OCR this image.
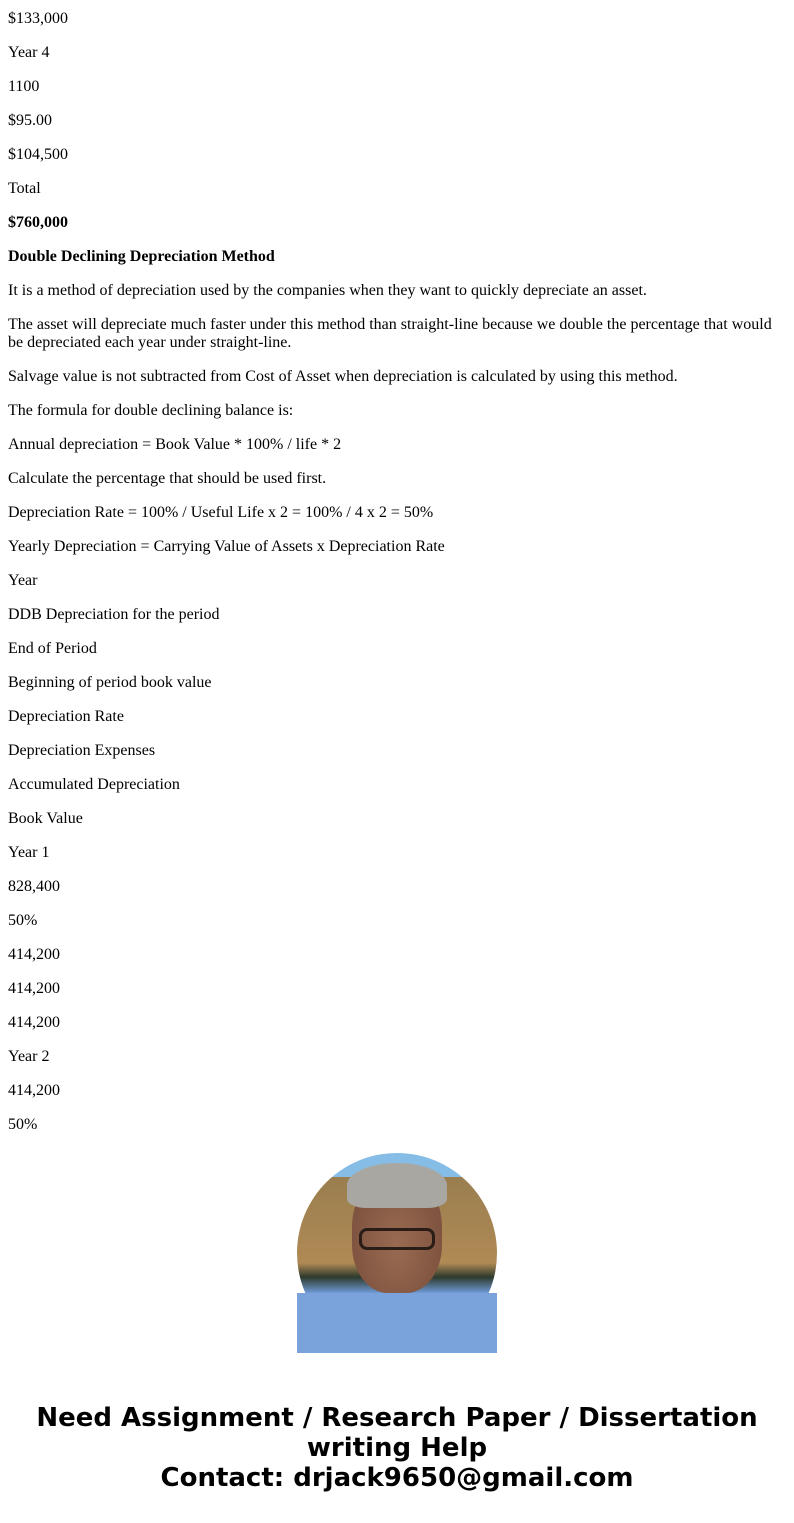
$133,000

Year 4

1100

$95.00

$104,500

Total

$760,000

Double Declining Depreciation Method

It is a method of depreciation used by the companies when they want to quickly depreciate an asset.

The asset will depreciate much faster under this method than straight-line because we double the percentage that would be depreciated each year under straight-line.

Salvage value is not subtracted from Cost of Asset when depreciation is calculated by using this method.

The formula for double declining balance is:

Annual depreciation = Book Value * 100% / life * 2

Calculate the percentage that should be used first.

Depreciation Rate = 100% / Useful Life x 2 = 100% / 4 x 2 = 50%

Yearly Depreciation = Carrying Value of Assets x Depreciation Rate

Year

DDB Depreciation for the period

End of Period

Beginning of period book value

Depreciation Rate

Depreciation Expenses

Accumulated Depreciation

Book Value

Year 1

828,400

50%

414,200

414,200

414,200

Year 2

414,200

50%

Need Assignment / Research Paper / Dissertation writing Help
Contact: drjack9650@gmail.com
